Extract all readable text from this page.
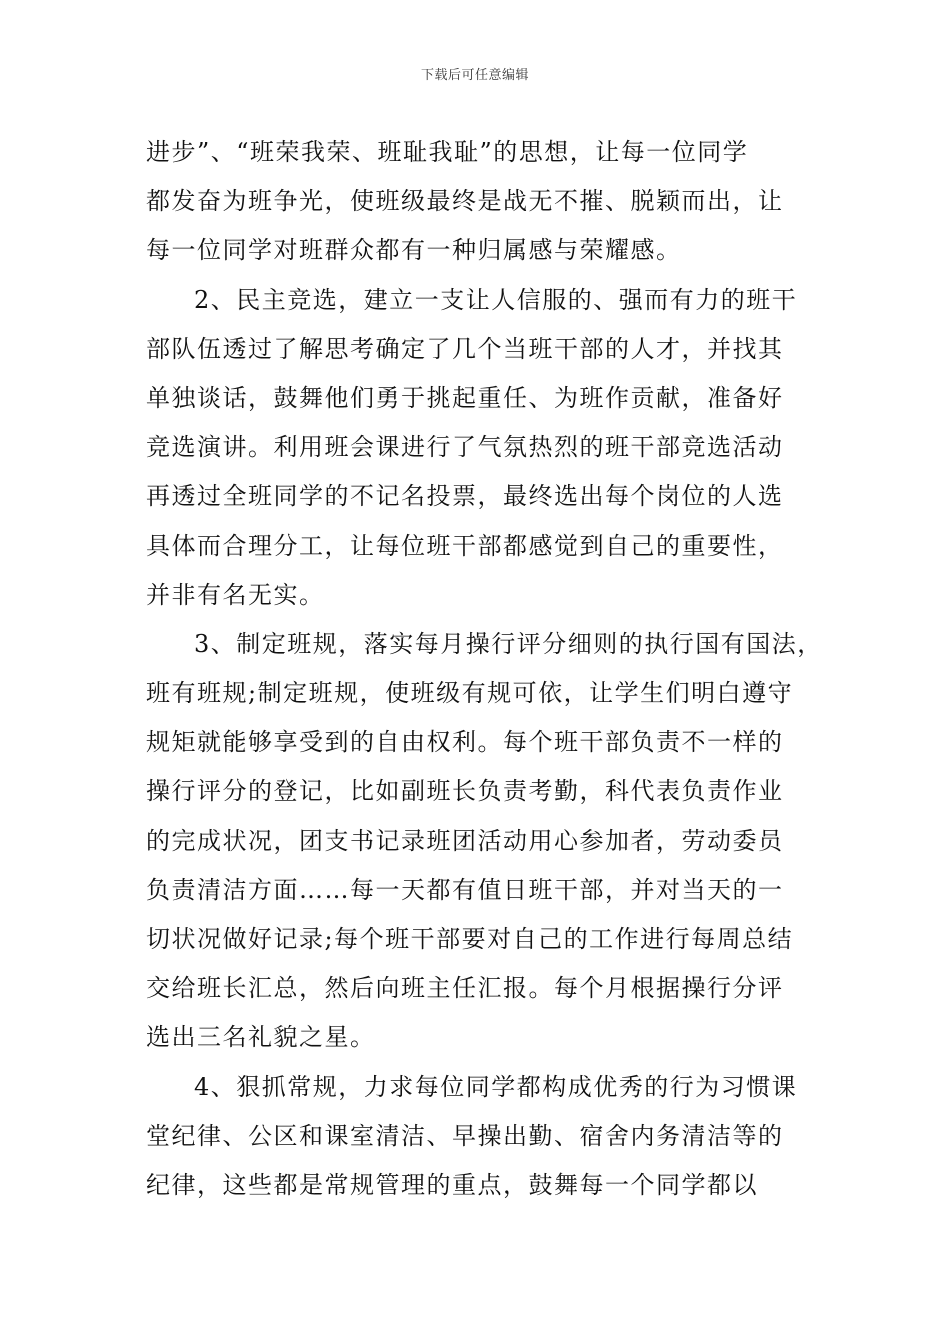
下载后可任意编辑
进步”、“班荣我荣、班耻我耻”的思想，让每一位同学
都发奋为班争光，使班级最终是战无不摧、脱颖而出，让
每一位同学对班群众都有一种归属感与荣耀感。
2、民主竞选，建立一支让人信服的、强而有力的班干
部队伍透过了解思考确定了几个当班干部的人才，并找其
单独谈话，鼓舞他们勇于挑起重任、为班作贡献，准备好
竞选演讲。利用班会课进行了气氛热烈的班干部竞选活动
再透过全班同学的不记名投票，最终选出每个岗位的人选
具体而合理分工，让每位班干部都感觉到自己的重要性，
并非有名无实。
3、制定班规，落实每月操行评分细则的执行国有国法，
班有班规;制定班规，使班级有规可依，让学生们明白遵守
规矩就能够享受到的自由权利。每个班干部负责不一样的
操行评分的登记，比如副班长负责考勤，科代表负责作业
的完成状况，团支书记录班团活动用心参加者，劳动委员
负责清洁方面……每一天都有值日班干部，并对当天的一
切状况做好记录;每个班干部要对自己的工作进行每周总结
交给班长汇总，然后向班主任汇报。每个月根据操行分评
选出三名礼貌之星。
4、狠抓常规，力求每位同学都构成优秀的行为习惯课
堂纪律、公区和课室清洁、早操出勤、宿舍内务清洁等的
纪律，这些都是常规管理的重点，鼓舞每一个同学都以
